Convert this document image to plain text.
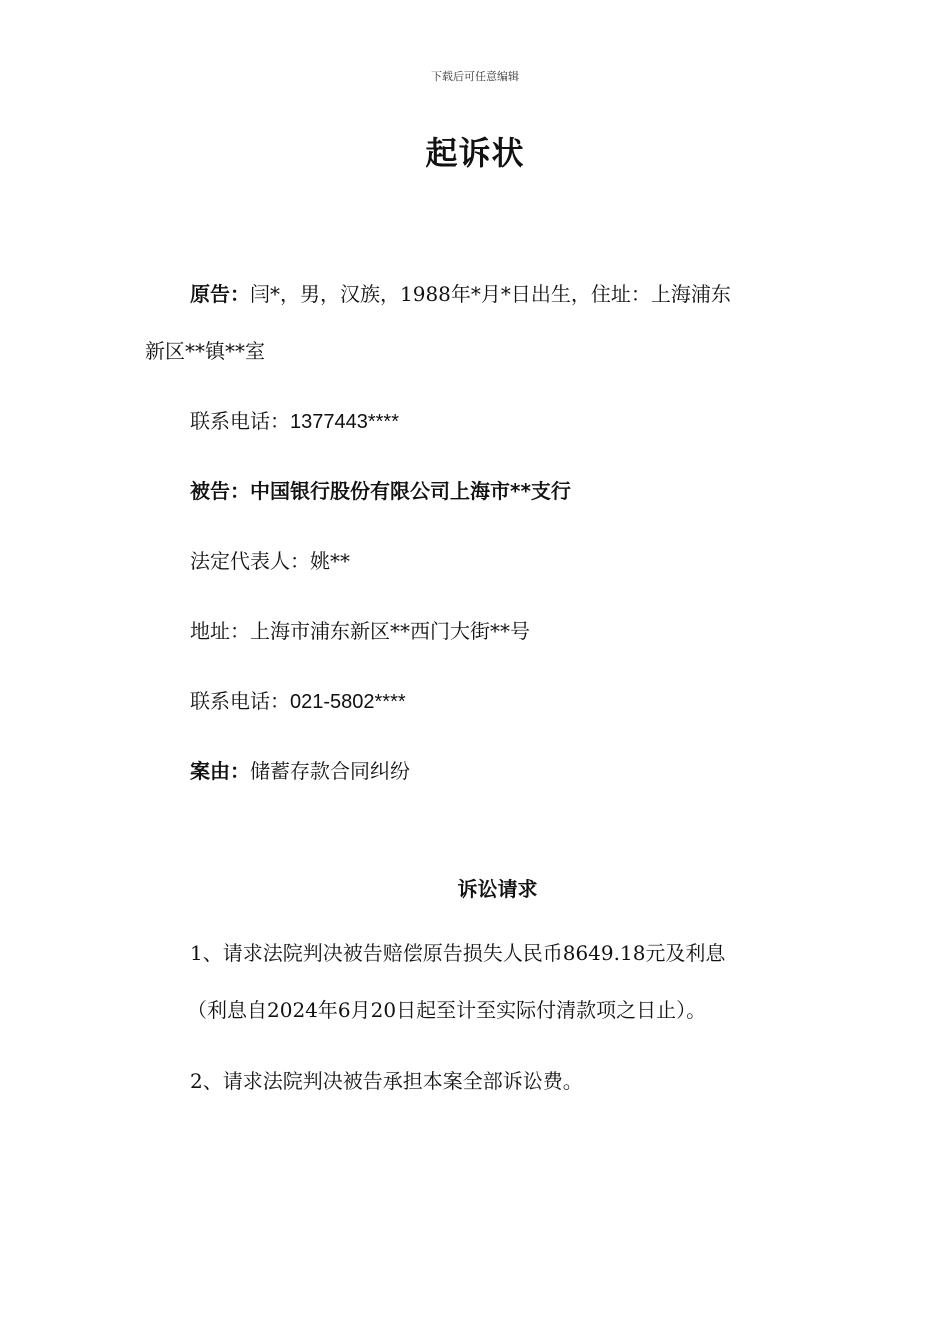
下载后可任意编辑
起诉状
原告：闫*，男，汉族，1988年*月*日出生，住址：上海浦东
新区**镇**室
联系电话：1377443****
被告：中国银行股份有限公司上海市**支行
法定代表人：姚**
地址：上海市浦东新区**西门大街**号
联系电话：021-5802****
案由：储蓄存款合同纠纷
诉讼请求
1、请求法院判决被告赔偿原告损失人民币8649.18元及利息
（利息自2024年6月20日起至计至实际付清款项之日止）。
2、请求法院判决被告承担本案全部诉讼费。
